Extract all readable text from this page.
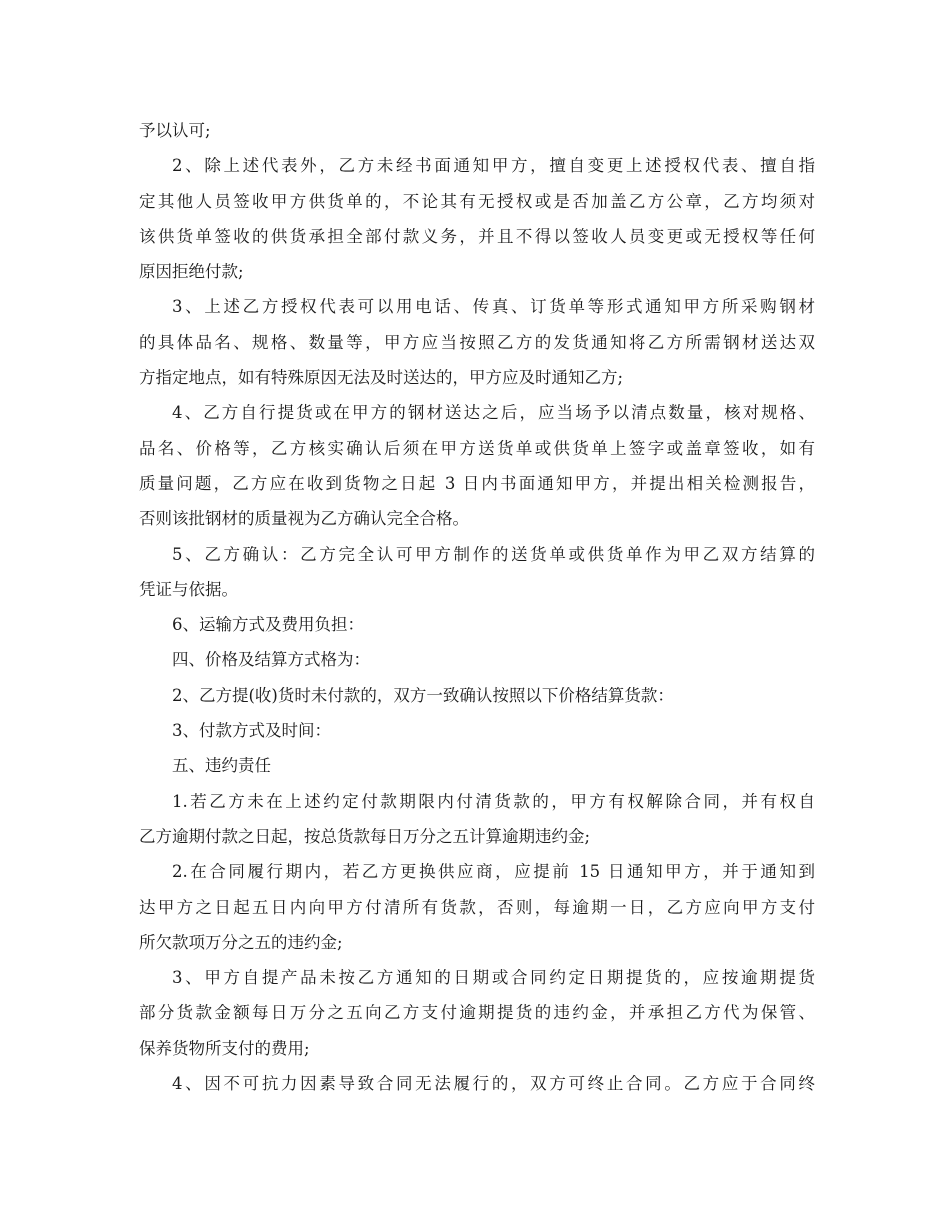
予以认可;
2、除上述代表外，乙方未经书面通知甲方，擅自变更上述授权代表、擅自指
定其他人员签收甲方供货单的，不论其有无授权或是否加盖乙方公章，乙方均须对
该供货单签收的供货承担全部付款义务，并且不得以签收人员变更或无授权等任何
原因拒绝付款;
3、上述乙方授权代表可以用电话、传真、订货单等形式通知甲方所采购钢材
的具体品名、规格、数量等，甲方应当按照乙方的发货通知将乙方所需钢材送达双
方指定地点，如有特殊原因无法及时送达的，甲方应及时通知乙方;
4、乙方自行提货或在甲方的钢材送达之后，应当场予以清点数量，核对规格、
品名、价格等，乙方核实确认后须在甲方送货单或供货单上签字或盖章签收，如有
质量问题，乙方应在收到货物之日起 3 日内书面通知甲方，并提出相关检测报告，
否则该批钢材的质量视为乙方确认完全合格。
5、乙方确认：乙方完全认可甲方制作的送货单或供货单作为甲乙双方结算的
凭证与依据。
6、运输方式及费用负担：
四、价格及结算方式格为：
2、乙方提(收)货时未付款的，双方一致确认按照以下价格结算货款：
3、付款方式及时间：
五、违约责任
1.若乙方未在上述约定付款期限内付清货款的，甲方有权解除合同，并有权自
乙方逾期付款之日起，按总货款每日万分之五计算逾期违约金;
2.在合同履行期内，若乙方更换供应商，应提前 15 日通知甲方，并于通知到
达甲方之日起五日内向甲方付清所有货款，否则，每逾期一日，乙方应向甲方支付
所欠款项万分之五的违约金;
3、甲方自提产品未按乙方通知的日期或合同约定日期提货的，应按逾期提货
部分货款金额每日万分之五向乙方支付逾期提货的违约金，并承担乙方代为保管、
保养货物所支付的费用;
4、因不可抗力因素导致合同无法履行的，双方可终止合同。乙方应于合同终
